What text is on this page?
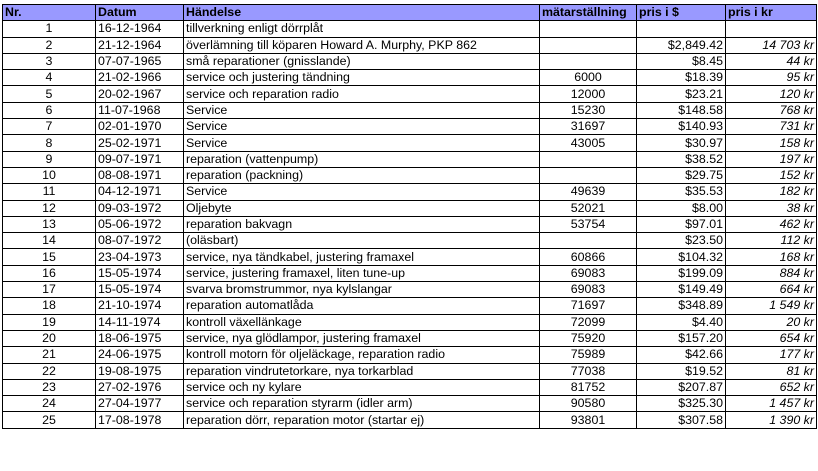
Nr.	Datum	Händelse	mätarställning	pris i $	pris i kr
1	16-12-1964	tillverkning enligt dörrplåt			
2	21-12-1964	överlämning till köparen Howard A. Murphy, PKP 862		$2,849.42	14 703 kr
3	07-07-1965	små reparationer (gnisslande)		$8.45	44 kr
4	21-02-1966	service och justering tändning	6000	$18.39	95 kr
5	20-02-1967	service och reparation radio	12000	$23.21	120 kr
6	11-07-1968	Service	15230	$148.58	768 kr
7	02-01-1970	Service	31697	$140.93	731 kr
8	25-02-1971	Service	43005	$30.97	158 kr
9	09-07-1971	reparation (vattenpump)		$38.52	197 kr
10	08-08-1971	reparation (packning)		$29.75	152 kr
11	04-12-1971	Service	49639	$35.53	182 kr
12	09-03-1972	Oljebyte	52021	$8.00	38 kr
13	05-06-1972	reparation bakvagn	53754	$97.01	462 kr
14	08-07-1972	(oläsbart)		$23.50	112 kr
15	23-04-1973	service, nya tändkabel, justering framaxel	60866	$104.32	168 kr
16	15-05-1974	service, justering framaxel, liten tune-up	69083	$199.09	884 kr
17	15-05-1974	svarva bromstrummor, nya kylslangar	69083	$149.49	664 kr
18	21-10-1974	reparation automatlåda	71697	$348.89	1 549 kr
19	14-11-1974	kontroll växellänkage	72099	$4.40	20 kr
20	18-06-1975	service, nya glödlampor, justering framaxel	75920	$157.20	654 kr
21	24-06-1975	kontroll motorn för oljeläckage, reparation radio	75989	$42.66	177 kr
22	19-08-1975	reparation vindrutetorkare, nya torkarblad	77038	$19.52	81 kr
23	27-02-1976	service och ny kylare	81752	$207.87	652 kr
24	27-04-1977	service och reparation styrarm (idler arm)	90580	$325.30	1 457 kr
25	17-08-1978	reparation dörr, reparation motor (startar ej)	93801	$307.58	1 390 kr
